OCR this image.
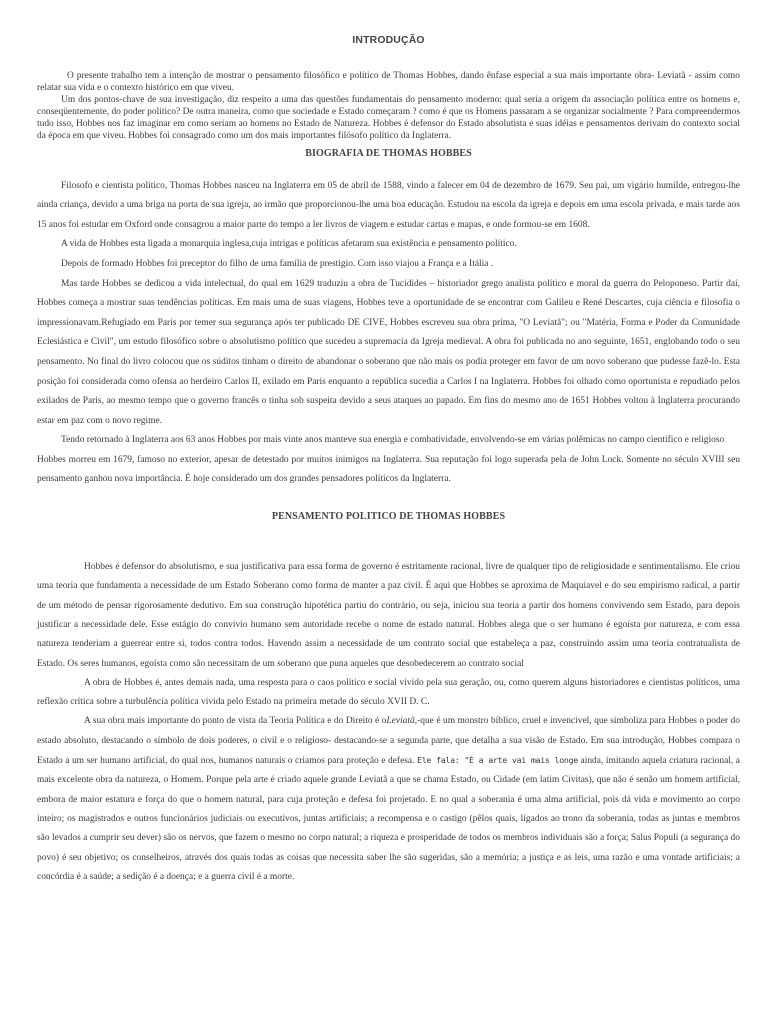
INTRODUÇÃO

O presente trabalho tem a intenção de mostrar o pensamento filosófico e político de Thomas Hobbes, dando ênfase especial a sua mais importante obra- Leviatã - assim como relatar sua vida e o contexto histórico em que viveu.

Um dos pontos-chave de sua investigação, diz respeito a uma das questões fundamentais do pensamento moderno: qual seria a origem da associação política entre os homens e, conseqüentemente, do poder político? De outra maneira, como que sociedade e Estado começaram ? como é que os Homens passaram a se organizar socialmente ? Para compreendermos tudo isso, Hobbes nos faz imaginar em como seriam ao homens no Estado de Natureza. Hobbes é defensor do Estado absolutista e suas idéias e pensamentos derivam do contexto social da época em que viveu. Hobbes foi consagrado como um dos mais importantes filósofo político da Inglaterra.

BIOGRAFIA DE THOMAS HOBBES

Filosofo e cientista político, Thomas Hobbes nasceu na Inglaterra em 05 de abril de 1588, vindo a falecer em 04 de dezembro de 1679. Seu pai, um vigário humilde, entregou-lhe ainda criança, devido a uma briga na porta de sua igreja, ao irmão que proporcionou-lhe uma boa educação. Estudou na escola da igreja e depois em uma escola privada, e mais tarde aos 15 anos foi estudar em Oxford onde consagrou a maior parte do tempo a ler livros de viagem e estudar cartas e mapas, e onde formou-se em 1608.

A vida de Hobbes esta ligada a monarquia inglesa,cuja intrigas e políticas afetaram sua existência e pensamento político.

Depois de formado Hobbes foi preceptor do filho de uma família de prestigio. Com isso viajou a França e a Itália .

Mas tarde Hobbes se dedicou a vida intelectual, do qual em 1629 traduziu a obra de Tucídides – historiador grego analista político e moral da guerra do Peloponeso. Partir daí, Hobbes começa a mostrar suas tendências políticas. Em mais uma de suas viagens, Hobbes teve a oportunidade de se encontrar com Galileu e René Descartes, cuja ciência e filosofia o impressionavam.Refugiado em Paris por temer sua segurança após ter publicado DE CIVE, Hobbes escreveu sua obra prima, "O Leviatã"; ou "Matéria, Forma e Poder da Comunidade Eclesiástica e Civil", um estudo filosófico sobre o absolutismo político que sucedeu a supremacia da Igreja medieval. A obra foi publicada no ano seguinte, 1651, englobando todo o seu pensamento. No final do livro colocou que os súditos tinham o direito de abandonar o soberano que não mais os podia proteger em favor de um novo soberano que pudesse fazê-lo. Esta posição foi considerada como ofensa ao herdeiro Carlos II, exilado em Paris enquanto a república sucedia a Carlos I na Inglaterra. Hobbes foi olhado como oportunista e repudiado pelos exilados de Paris, ao mesmo tempo que o governo francês o tinha sob suspeita devido a seus ataques ao papado. Em fins do mesmo ano de 1651 Hobbes voltou à Inglaterra procurando estar em paz com o novo regime.

Tendo retornado à Inglaterra aos 63 anos Hobbes por mais vinte anos manteve sua energia e combatividade, envolvendo-se em várias polêmicas no campo científico e religioso

Hobbes morreu em 1679, famoso no exterior, apesar de detestado por muitos inimigos na Inglaterra. Sua reputação foi logo superada pela de John Lock. Somente no século XVIII seu pensamento ganhou nova importância. É hoje considerado um dos grandes pensadores políticos da Inglaterra.

PENSAMENTO POLITICO DE THOMAS HOBBES

Hobbes é defensor do absolutismo, e sua justificativa para essa forma de governo é estritamente racional, livre de qualquer tipo de religiosidade e sentimentalismo. Ele criou uma teoria que fundamenta a necessidade de um Estado Soberano como forma de manter a paz civil. É aqui que Hobbes se aproxima de Maquiavel e do seu empirismo radical, a partir de um método de pensar rigorosamente dedutivo. Em sua construção hipotética partiu do contrário, ou seja, iniciou sua teoria a partir dos homens convivendo sem Estado, para depois justificar a necessidade dele. Esse estágio do convívio humano sem autoridade recebe o nome de estado natural. Hobbes alega que o ser humano é egoísta por natureza, e com essa natureza tenderiam a guerrear entre si, todos contra todos. Havendo assim a necessidade de um contrato social que estabeleça a paz, construindo assim uma teoria contratualista de Estado. Os seres humanos, egoísta como são necessitam de um soberano que puna aqueles que desobedecerem ao contrato social

A obra de Hobbes é, antes demais nada, uma resposta para o caos político e social vivido pela sua geração, ou, como querem alguns historiadores e cientistas políticos, uma reflexão crítica sobre a turbulência política vivida pelo Estado na primeira metade do século XVII D. C.

A sua obra mais importante do ponto de vista da Teoria Política e do Direito é oLeviatã,-que é um monstro bíblico, cruel e invencível, que simboliza para Hobbes o poder do estado absoluto, destacando o símbolo de dois poderes, o civil e o religioso- destacando-se a segunda parte, que detalha a sua visão de Estado. Em sua introdução, Hobbes compara o Estado a um ser humano artificial, do qual nos, humanos naturais o criamos para proteção e defesa. Ele fala: "É a arte vai mais longe ainda, imitando aquela criatura racional, a mais excelente obra da natureza, o Homem. Porque pela arte é criado aquele grande Leviatã a que se chama Estado, ou Cidade (em latim Civitas), que não é senão um homem artificial, embora de maior estatura e força do que o homem natural, para cuja proteção e defesa foi projetado. E no qual a soberania é uma alma artificial, pois dá vida e movimento ao corpo inteiro; os magistrados e outros funcionários judiciais ou executivos, juntas artificiais; a recompensa e o castigo (pêlos quais, ligados ao trono da soberania, todas as juntas e membros são levados a cumprir seu dever) são os nervos, que fazem o mesmo no corpo natural; a riqueza e prosperidade de todos os membros individuais são a força; Salus Populi (a segurança do povo) é seu objetivo; os conselheiros, através dos quais todas as coisas que necessita saber lhe são sugeridas, são a memória; a justiça e as leis, uma razão e uma vontade artificiais; a concórdia é a saúde; a sedição é a doença; e a guerra civil é a morte.
